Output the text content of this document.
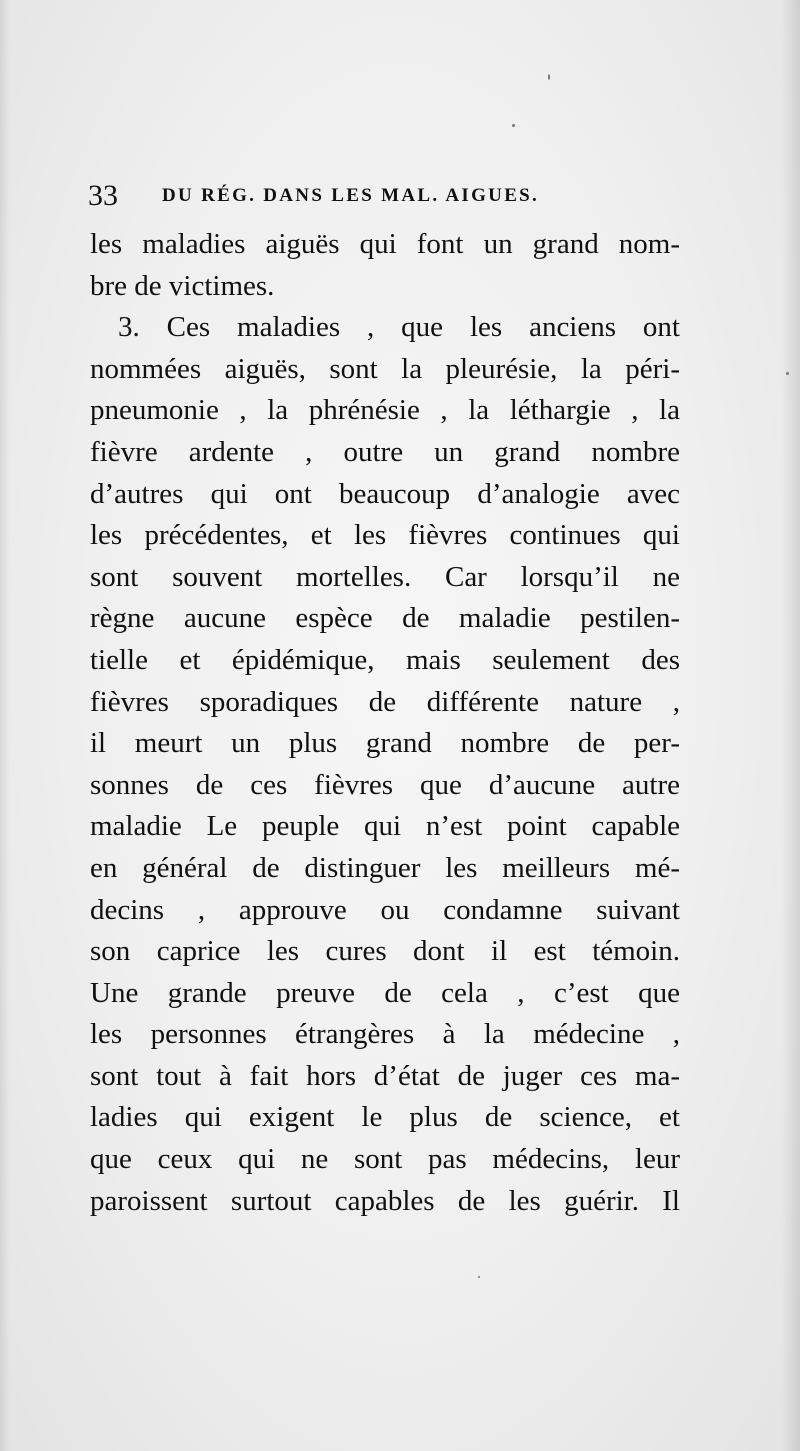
33 DU RÉG. DANS LES MAL. AIGUES.
les maladies aiguës qui font un grand nom-
bre de victimes.
3. Ces maladies , que les anciens ont
nommées aiguës, sont la pleurésie, la péri-
pneumonie , la phrénésie , la léthargie , la
fièvre ardente , outre un grand nombre
d’autres qui ont beaucoup d’analogie avec
les précédentes, et les fièvres continues qui
sont souvent mortelles. Car lorsqu’il ne
règne aucune espèce de maladie pestilen-
tielle et épidémique, mais seulement des
fièvres sporadiques de différente nature ,
il meurt un plus grand nombre de per-
sonnes de ces fièvres que d’aucune autre
maladie Le peuple qui n’est point capable
en général de distinguer les meilleurs mé-
decins , approuve ou condamne suivant
son caprice les cures dont il est témoin.
Une grande preuve de cela , c’est que
les personnes étrangères à la médecine ,
sont tout à fait hors d’état de juger ces ma-
ladies qui exigent le plus de science, et
que ceux qui ne sont pas médecins, leur
paroissent surtout capables de les guérir. Il
